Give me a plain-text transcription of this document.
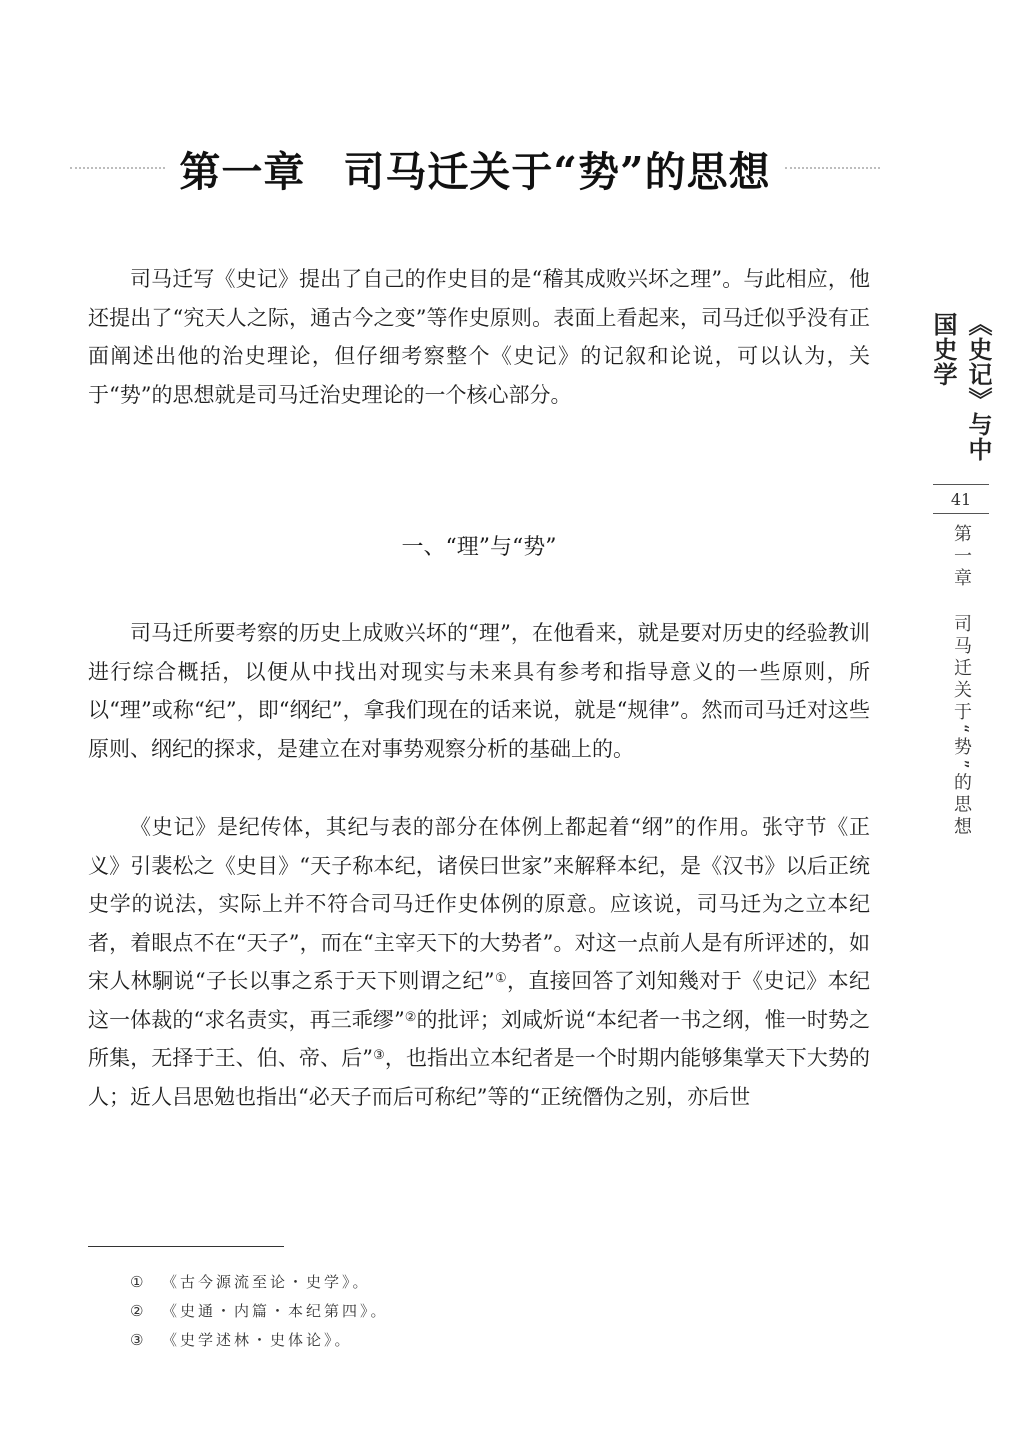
第一章 司马迁关于“势”的思想

司马迁写《史记》提出了自己的作史目的是“稽其成败兴坏之理”。与此相应，他还提出了“究天人之际，通古今之变”等作史原则。表面上看起来，司马迁似乎没有正面阐述出他的治史理论，但仔细考察整个《史记》的记叙和论说，可以认为，关于“势”的思想就是司马迁治史理论的一个核心部分。

一、“理”与“势”

司马迁所要考察的历史上成败兴坏的“理”，在他看来，就是要对历史的经验教训进行综合概括，以便从中找出对现实与未来具有参考和指导意义的一些原则，所以“理”或称“纪”，即“纲纪”，拿我们现在的话来说，就是“规律”。然而司马迁对这些原则、纲纪的探求，是建立在对事势观察分析的基础上的。

《史记》是纪传体，其纪与表的部分在体例上都起着“纲”的作用。张守节《正义》引裴松之《史目》“天子称本纪，诸侯曰世家”来解释本纪，是《汉书》以后正统史学的说法，实际上并不符合司马迁作史体例的原意。应该说，司马迁为之立本纪者，着眼点不在“天子”，而在“主宰天下的大势者”。对这一点前人是有所评述的，如宋人林駉说“子长以事之系于天下则谓之纪”①，直接回答了刘知幾对于《史记》本纪这一体裁的“求名责实，再三乖缪”②的批评；刘咸炘说“本纪者一书之纲，惟一时势之所集，无择于王、伯、帝、后”③，也指出立本纪者是一个时期内能够集掌天下大势的人；近人吕思勉也指出“必天子而后可称纪”等的“正统僭伪之别，亦后世

① 《古今源流至论・史学》。
② 《史通・内篇・本纪第四》。
③ 《史学述林・史体论》。
《史记》与中国史学
41
第一章司马迁关于“势”的思想
